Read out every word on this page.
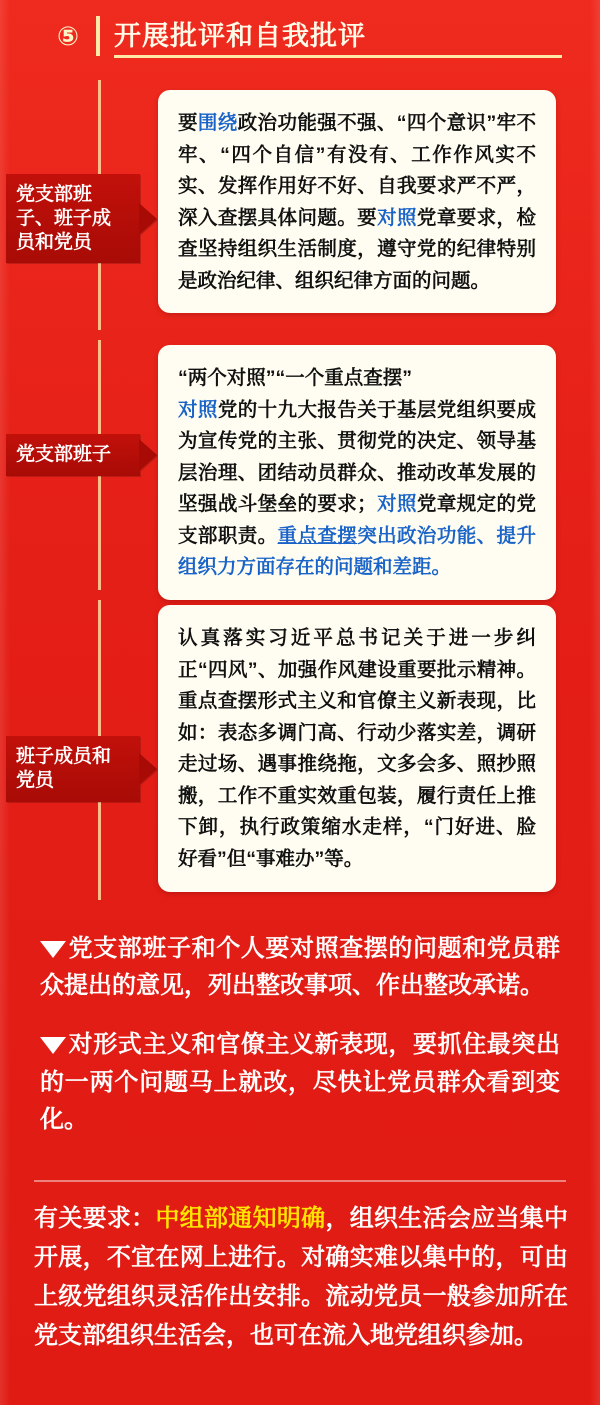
⑤	开展批评和自我批评
党支部班子、班子成员和党员
党支部班子
班子成员和党员

要围绕政治功能强不强、“四个意识”牢不牢、“四个自信”有没有、工作作风实不实、发挥作用好不好、自我要求严不严，深入查摆具体问题。要对照党章要求，检查坚持组织生活制度，遵守党的纪律特别是政治纪律、组织纪律方面的问题。

“两个对照”“一个重点查摆”
对照党的十九大报告关于基层党组织要成为宣传党的主张、贯彻党的决定、领导基层治理、团结动员群众、推动改革发展的坚强战斗堡垒的要求；对照党章规定的党支部职责。重点查摆突出政治功能、提升组织力方面存在的问题和差距。

认真落实习近平总书记关于进一步纠正“四风”、加强作风建设重要批示精神。重点查摆形式主义和官僚主义新表现，比如：表态多调门高、行动少落实差，调研走过场、遇事推绕拖，文多会多、照抄照搬，工作不重实效重包装，履行责任上推下卸，执行政策缩水走样，“门好进、脸好看”但“事难办”等。

党支部班子和个人要对照查摆的问题和党员群众提出的意见，列出整改事项、作出整改承诺。
对形式主义和官僚主义新表现，要抓住最突出的一两个问题马上就改，尽快让党员群众看到变化。
有关要求：中组部通知明确，组织生活会应当集中开展，不宜在网上进行。对确实难以集中的，可由上级党组织灵活作出安排。流动党员一般参加所在党支部组织生活会，也可在流入地党组织参加。
